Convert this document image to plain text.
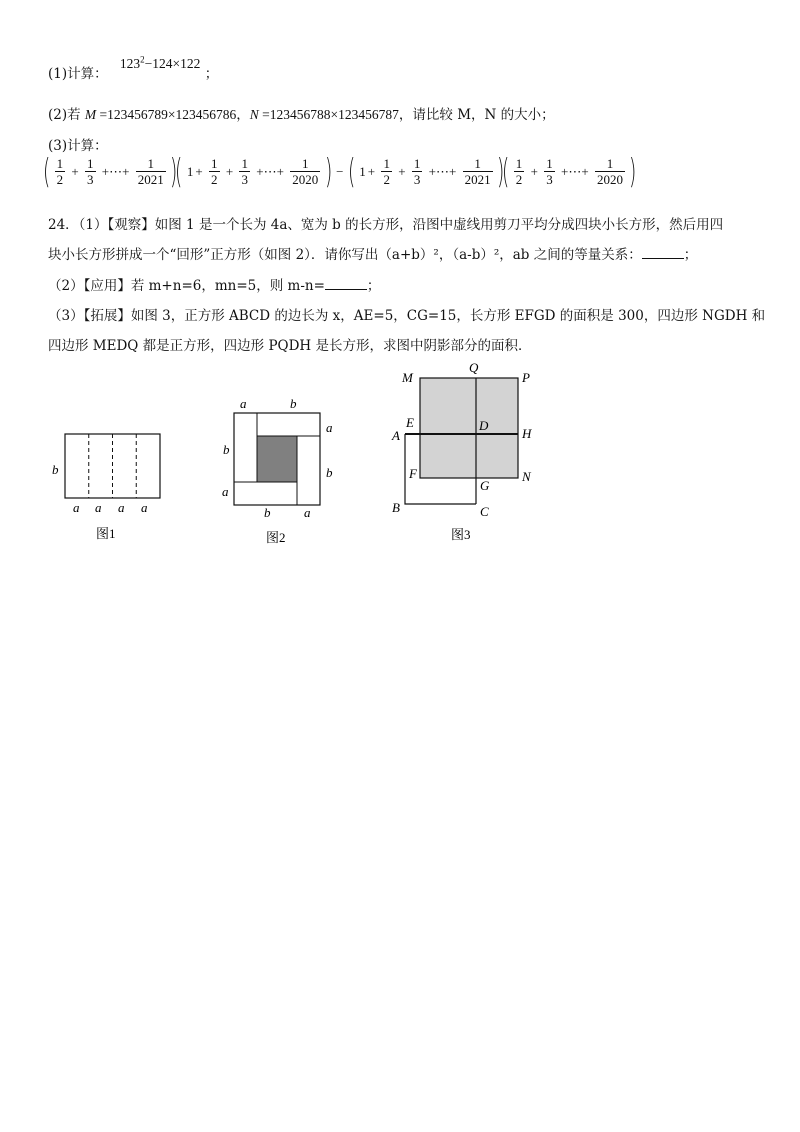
(1)计算： $123^2-124\times 122$ ；
(2)若 M =123456789×123456786，N =123456788×123456787，请比较 M，N 的大小；
(3)计算：
( $\frac{1}{2} + \frac{1}{3}$ +⋯+ $\frac{1}{2021}$ )( $1 + \frac{1}{2} + \frac{1}{3}$ +⋯+ $\frac{1}{2020}$ ) − ( $1 + \frac{1}{2} + \frac{1}{3}$ +⋯+ $\frac{1}{2021}$ )( $\frac{1}{2} + \frac{1}{3}$ +⋯+ $\frac{1}{2020}$ )
24．（1）【观察】如图 1 是一个长为 4a、宽为 b 的长方形，沿图中虚线用剪刀平均分成四块小长方形，然后用四
块小长方形拼成一个“回形”正方形（如图 2）．请你写出（a+b）²，（a-b）²，ab 之间的等量关系：	；
（2）【应用】若 m+n=6，mn=5，则 m-n=	；
（3）【拓展】如图 3，正方形 ABCD 的边长为 x，AE=5，CG=15，长方形 EFGD 的面积是 300，四边形 NGDH 和
四边形 MEDQ 都是正方形，四边形 PQDH 是长方形，求图中阴影部分的面积．
b
a a a a
图1
a	b
a
b
b
a
b	a
图2
M
Q
P
E
A
D
H
F	N
G
B	C
图3
